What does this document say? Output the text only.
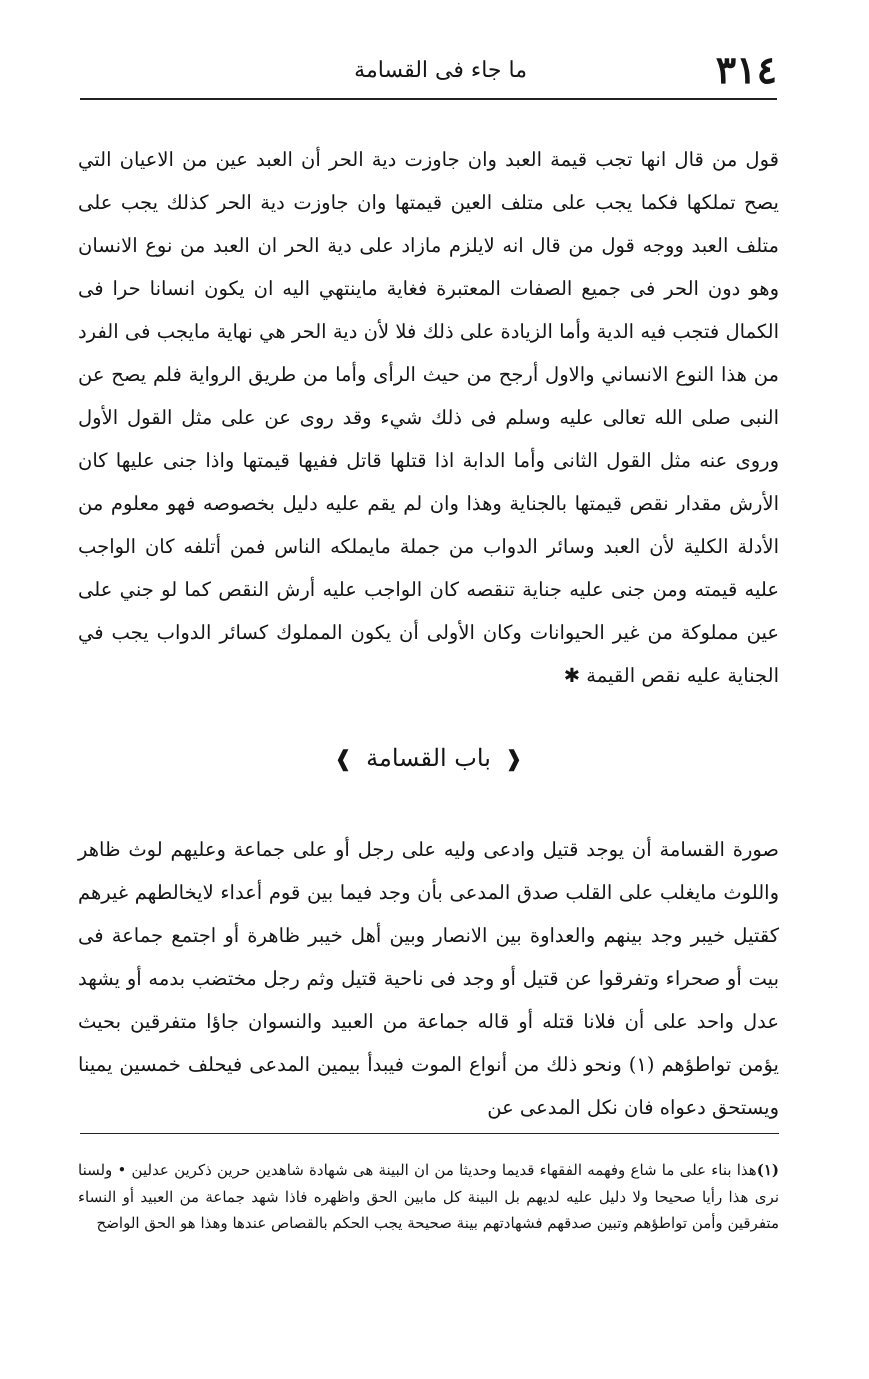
٣١٤
ما جاء فى القسامة

قول من قال انها تجب قيمة العبد وان جاوزت دية الحر أن العبد عين من الاعيان التي يصح تملكها فكما يجب على متلف العين قيمتها وان جاوزت دية الحر كذلك يجب على متلف العبد ووجه قول من قال انه لايلزم مازاد على دية الحر ان العبد من نوع الانسان وهو دون الحر فى جميع الصفات المعتبرة فغاية ماينتهي اليه ان يكون انسانا حرا فى الكمال فتجب فيه الدية وأما الزيادة على ذلك فلا لأن دية الحر هي نهاية مايجب فى الفرد من هذا النوع الانساني والاول أرجح من حيث الرأى وأما من طريق الرواية فلم يصح عن النبى صلى الله تعالى عليه وسلم فى ذلك شيء وقد روى عن على مثل القول الأول وروى عنه مثل القول الثانى وأما الدابة اذا قتلها قاتل ففيها قيمتها واذا جنى عليها كان الأرش مقدار نقص قيمتها بالجناية وهذا وان لم يقم عليه دليل بخصوصه فهو معلوم من الأدلة الكلية لأن العبد وسائر الدواب من جملة مايملكه الناس فمن أتلفه كان الواجب عليه قيمته ومن جنى عليه جناية تنقصه كان الواجب عليه أرش النقص كما لو جني على عين مملوكة من غير الحيوانات وكان الأولى أن يكون المملوك كسائر الدواب يجب في الجناية عليه نقص القيمة ✱

❰ باب القسامة ❱

صورة القسامة أن يوجد قتيل وادعى وليه على رجل أو على جماعة وعليهم لوث ظاهر واللوث مايغلب على القلب صدق المدعى بأن وجد فيما بين قوم أعداء لايخالطهم غيرهم كقتيل خيبر وجد بينهم والعداوة بين الانصار وبين أهل خيبر ظاهرة أو اجتمع جماعة فى بيت أو صحراء وتفرقوا عن قتيل أو وجد فى ناحية قتيل وثم رجل مختضب بدمه أو يشهد عدل واحد على أن فلانا قتله أو قاله جماعة من العبيد والنسوان جاؤا متفرقين بحيث يؤمن تواطؤهم (١) ونحو ذلك من أنواع الموت فيبدأ بيمين المدعى فيحلف خمسين يمينا ويستحق دعواه فان نكل المدعى عن

(١)هذا بناء على ما شاع وفهمه الفقهاء قديما وحديثا من ان البينة هى شهادة شاهدين حرين ذكرين عدلين • ولسنا نرى هذا رأيا صحيحا ولا دليل عليه لديهم بل البينة كل مابين الحق واظهره فاذا شهد جماعة من العبيد أو النساء متفرقين وأمن تواطؤهم وتبين صدقهم فشهادتهم بينة صحيحة يجب الحكم بالقصاص عندها وهذا هو الحق الواضح
